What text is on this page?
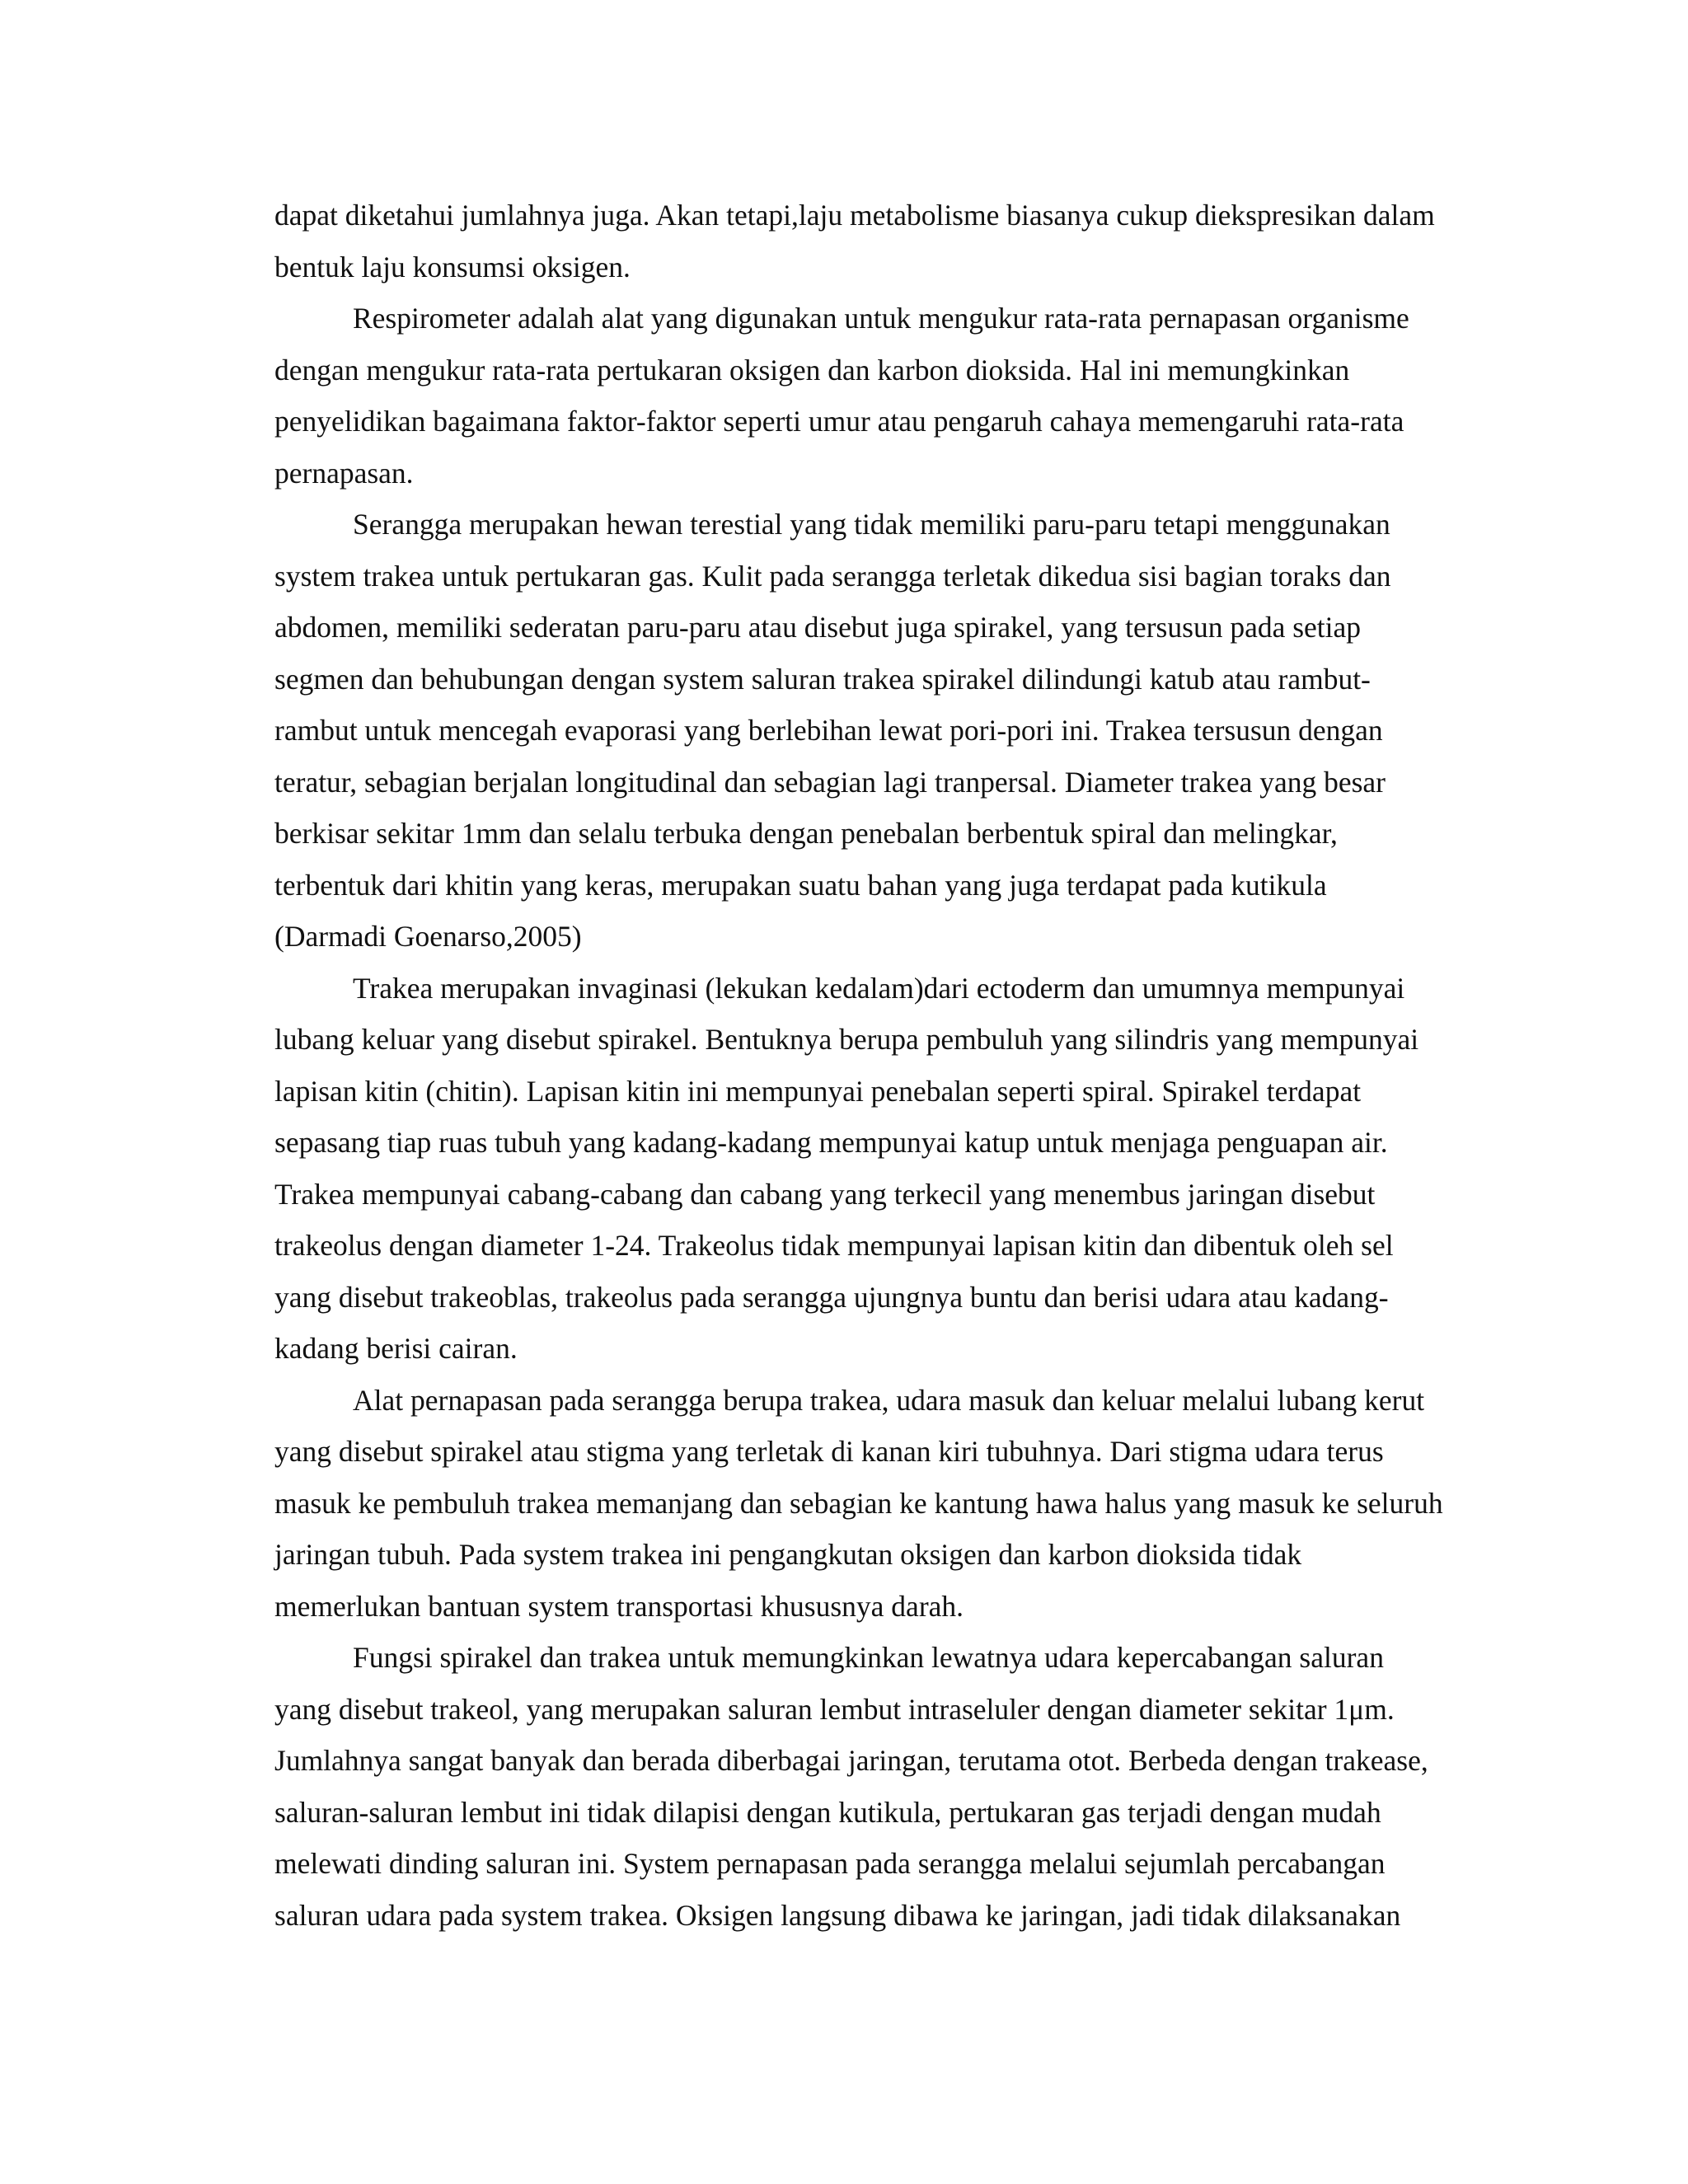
dapat diketahui jumlahnya juga. Akan tetapi,laju metabolisme biasanya cukup diekspresikan dalam

bentuk laju konsumsi oksigen.

Respirometer adalah alat yang digunakan untuk mengukur rata-rata pernapasan organisme

dengan mengukur rata-rata pertukaran oksigen dan karbon dioksida. Hal ini memungkinkan

penyelidikan bagaimana faktor-faktor seperti umur atau pengaruh cahaya memengaruhi rata-rata

pernapasan.

Serangga merupakan hewan terestial yang tidak memiliki paru-paru tetapi menggunakan

system trakea untuk pertukaran gas. Kulit pada serangga terletak dikedua sisi bagian toraks dan

abdomen, memiliki sederatan paru-paru atau disebut juga spirakel, yang tersusun pada setiap

segmen dan behubungan dengan system saluran trakea spirakel dilindungi katub atau rambut-

rambut untuk mencegah evaporasi yang berlebihan lewat pori-pori ini. Trakea tersusun dengan

teratur, sebagian berjalan longitudinal dan sebagian lagi tranpersal. Diameter trakea yang besar

berkisar sekitar 1mm dan selalu terbuka dengan penebalan berbentuk spiral dan melingkar,

terbentuk dari khitin yang keras, merupakan suatu bahan yang juga terdapat pada kutikula

(Darmadi Goenarso,2005)

Trakea merupakan invaginasi (lekukan kedalam)dari ectoderm dan umumnya mempunyai

lubang keluar yang disebut spirakel. Bentuknya berupa pembuluh yang silindris yang mempunyai

lapisan kitin (chitin). Lapisan kitin ini mempunyai penebalan seperti spiral. Spirakel terdapat

sepasang tiap ruas tubuh yang kadang-kadang mempunyai katup untuk menjaga penguapan air.

Trakea mempunyai cabang-cabang dan cabang yang terkecil yang menembus jaringan disebut

trakeolus dengan diameter 1-24. Trakeolus tidak mempunyai lapisan kitin dan dibentuk oleh sel

yang disebut trakeoblas, trakeolus pada serangga ujungnya buntu dan berisi udara atau kadang-

kadang berisi cairan.

Alat pernapasan pada serangga berupa trakea, udara masuk dan keluar melalui lubang kerut

yang disebut spirakel atau stigma yang terletak di kanan kiri tubuhnya. Dari stigma udara terus

masuk ke pembuluh trakea memanjang dan sebagian ke kantung hawa halus yang masuk ke seluruh

jaringan tubuh. Pada system trakea ini pengangkutan oksigen dan karbon dioksida tidak

memerlukan bantuan system transportasi khususnya darah.

Fungsi spirakel dan trakea untuk memungkinkan lewatnya udara kepercabangan saluran

yang disebut trakeol, yang merupakan saluran lembut intraseluler dengan diameter sekitar 1μm.

Jumlahnya sangat banyak dan berada diberbagai jaringan, terutama otot. Berbeda dengan trakease,

saluran-saluran lembut ini tidak dilapisi dengan kutikula, pertukaran gas terjadi dengan mudah

melewati dinding saluran ini. System pernapasan pada serangga melalui sejumlah percabangan

saluran udara pada system trakea. Oksigen langsung dibawa ke jaringan, jadi tidak dilaksanakan
